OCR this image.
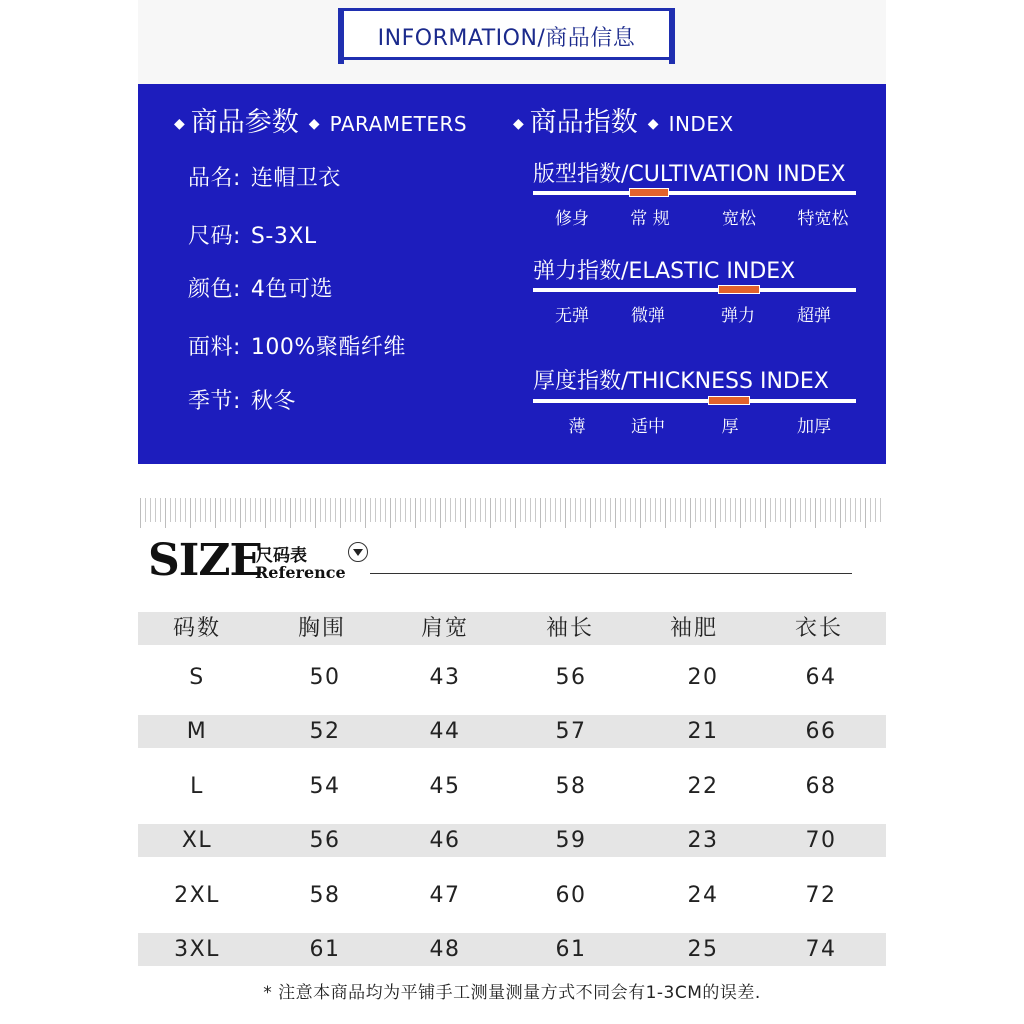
INFORMATION/商品信息
◆ 商品参数 ◆ PARAMETERS
品名: 连帽卫衣
尺码: S-3XL
颜色: 4色可选
面料: 100%聚酯纤维
季节: 秋冬
◆ 商品指数 ◆ INDEX
版型指数/CULTIVATION INDEX
修身 常 规	宽松 特宽松
弹力指数/ELASTIC INDEX
无弹 微弹	弹力 超弹
厚度指数/THICKNESS INDEX
薄	适中	厚	加厚
SIZE
尺码表
Reference
码数	胸围	肩宽	袖长	袖肥	衣长
S	50	43	56	20	64
M	52	44	57	21	66
L	54	45	58	22	68
XL	56	46	59	23	70
2XL	58	47	60	24	72
3XL	61	48	61	25	74
* 注意本商品均为平铺手工测量测量方式不同会有1-3CM的误差.
